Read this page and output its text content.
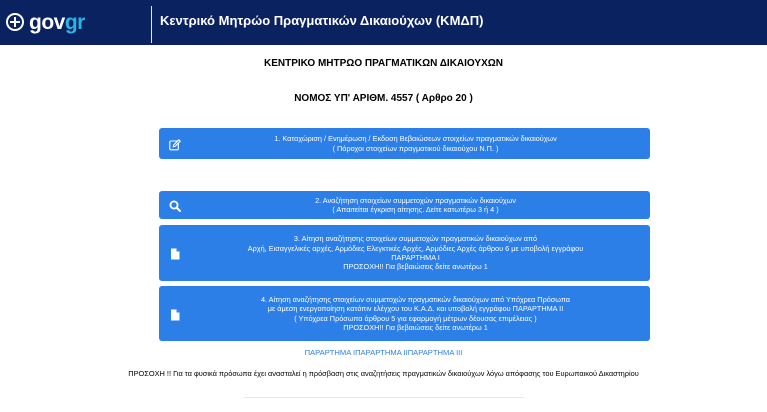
govgr	Κεντρικό Μητρώο Πραγματικών Δικαιούχων (ΚΜΔΠ)
ΚΕΝΤΡΙΚΟ ΜΗΤΡΩΟ ΠΡΑΓΜΑΤΙΚΩΝ ΔΙΚΑΙΟΥΧΩΝ
ΝΟΜΟΣ ΥΠ' ΑΡΙΘΜ. 4557 ( Αρθρο 20 )
1. Καταχώριση / Ενημέρωση / Εκδοση Βεβαιώσεων στοιχείων πραγματικών δικαιούχων
( Πάροχοι στοιχείων πραγματικού δικαιούχου Ν.Π. )
2. Αναζήτηση στοιχείων συμμετοχών πραγματικών δικαιούχων
( Απαιτείται έγκριση αίτησης. Δείτε κατωτέρω 3 ή 4 )
3. Αίτηση αναζήτησης στοιχείων συμμετοχών πραγματικών δικαιούχων από
Αρχή, Εισαγγελικές αρχές, Αρμόδιες Ελεγκτικές Αρχές, Αρμόδιες Αρχές άρθρου 6 με υποβολή εγγράφου
ΠΑΡΑΡΤΗΜΑ Ι
ΠΡΟΣΟΧΗ!! Για βεβαιώσεις δείτε ανωτέρω 1
4. Αίτηση αναζήτησης στοιχείων συμμετοχών πραγματικών δικαιούχων από Υπόχρεα Πρόσωπα
με άμεση ενεργοποίηση κατόπιν ελέγχου του Κ.Α.Δ. και υποβολή εγγράφου ΠΑΡΑΡΤΗΜΑ ΙΙ
( Υπόχρεα Πρόσωπα άρθρου 5 για εφαρμογή μέτρων δέουσας επιμέλειας )
ΠΡΟΣΟΧΗ!! Για βεβαιώσεις δείτε ανωτέρω 1
ΠΑΡΑΡΤΗΜΑ ΙΠΑΡΑΡΤΗΜΑ ΙΙΠΑΡΑΡΤΗΜΑ ΙΙΙ
ΠΡΟΣΟΧΗ !! Για τα φυσικά πρόσωπα έχει ανασταλεί η πρόσβαση στις αναζητήσεις πραγματικών δικαιούχων λόγω απόφασης του Ευρωπαικού Δικαστηρίου
